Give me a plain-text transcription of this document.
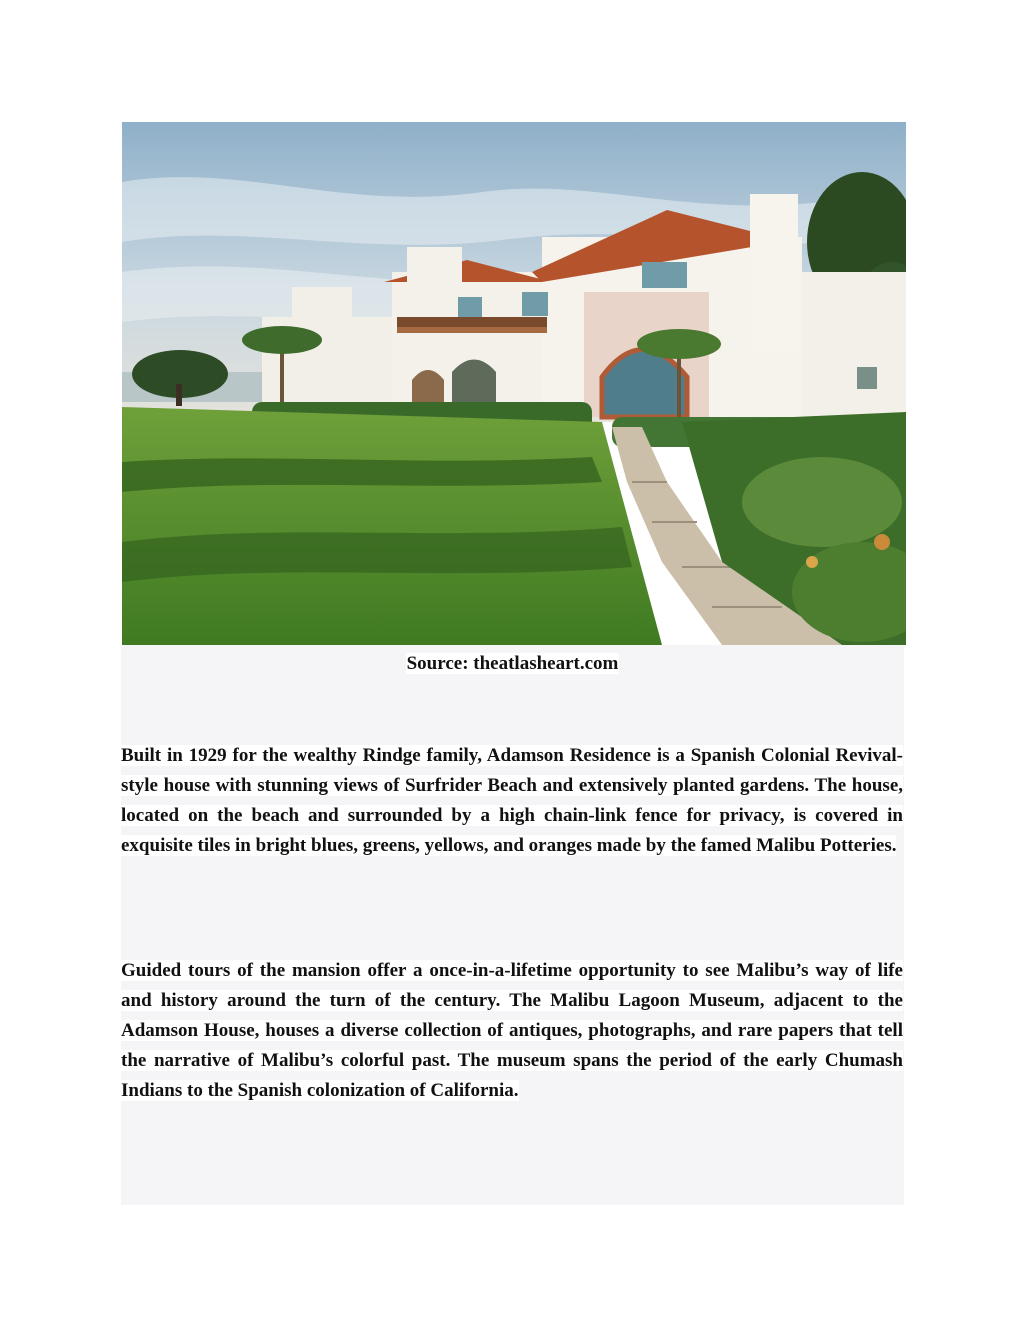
Source: theatlasheart.com

Built in 1929 for the wealthy Rindge family, Adamson Residence is a Spanish Colonial Revival-style house with stunning views of Surfrider Beach and extensively planted gardens. The house, located on the beach and surrounded by a high chain-link fence for privacy, is covered in exquisite tiles in bright blues, greens, yellows, and oranges made by the famed Malibu Potteries.

Guided tours of the mansion offer a once-in-a-lifetime opportunity to see Malibu’s way of life and history around the turn of the century. The Malibu Lagoon Museum, adjacent to the Adamson House, houses a diverse collection of antiques, photographs, and rare papers that tell the narrative of Malibu’s colorful past. The museum spans the period of the early Chumash Indians to the Spanish colonization of California.
